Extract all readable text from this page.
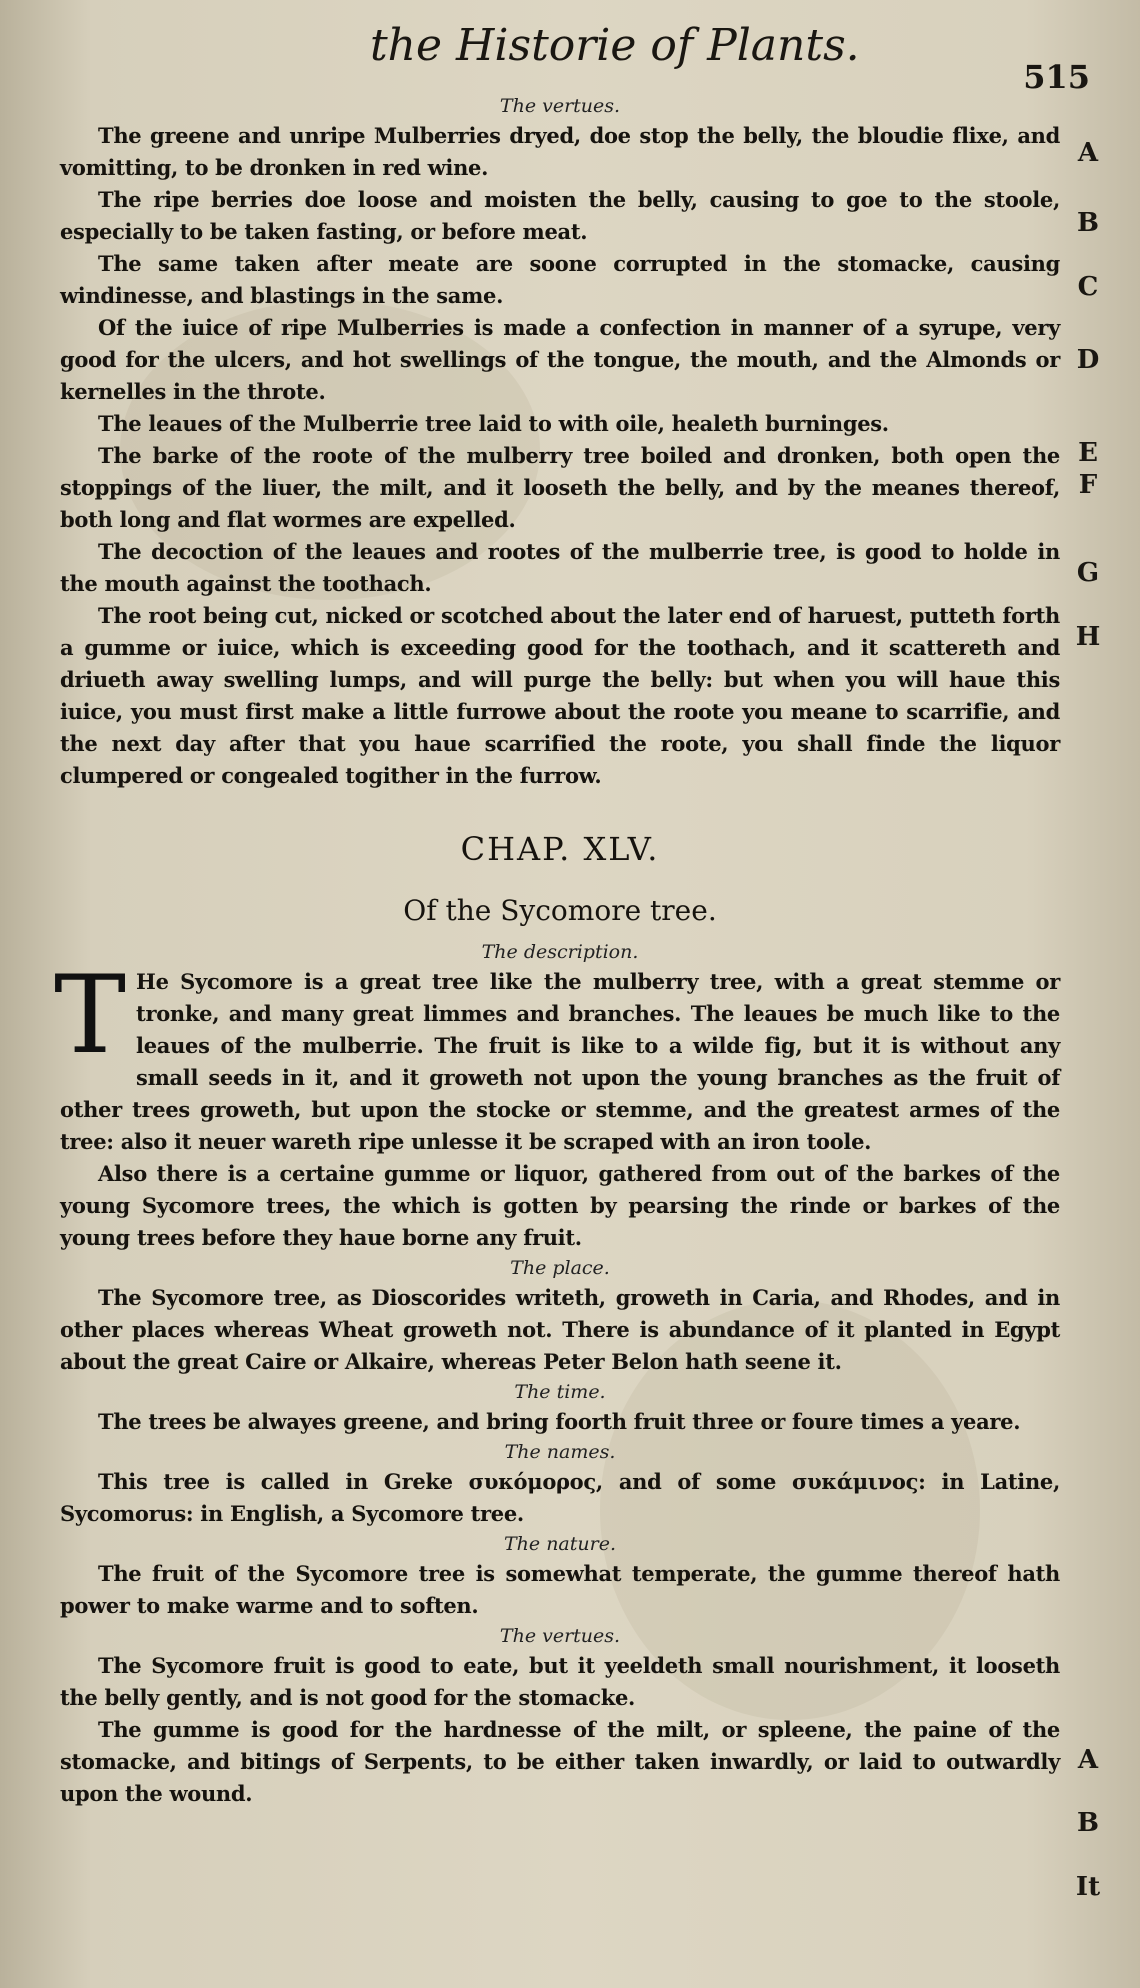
the Historie of Plants.
515

The vertues.

The greene and unripe Mulberries dryed, doe stop the belly, the bloudie flixe, and vomitting, to be dronken in red wine.

The ripe berries doe loose and moisten the belly, causing to goe to the stoole, especially to be taken fasting, or before meat.

The same taken after meate are soone corrupted in the stomacke, causing windinesse, and blastings in the same.

Of the iuice of ripe Mulberries is made a confection in manner of a syrupe, very good for the ulcers, and hot swellings of the tongue, the mouth, and the Almonds or kernelles in the throte.

The leaues of the Mulberrie tree laid to with oile, healeth burninges.

The barke of the roote of the mulberry tree boiled and dronken, both open the stoppings of the liuer, the milt, and it looseth the belly, and by the meanes thereof, both long and flat wormes are expelled.

The decoction of the leaues and rootes of the mulberrie tree, is good to holde in the mouth against the toothach.

The root being cut, nicked or scotched about the later end of haruest, putteth forth a gumme or iuice, which is exceeding good for the toothach, and it scattereth and driueth away swelling lumps, and will purge the belly: but when you will haue this iuice, you must first make a little furrowe about the roote you meane to scarrifie, and the next day after that you haue scarrified the roote, you shall finde the liquor clumpered or congealed togither in the furrow.

CHAP. XLV.
Of the Sycomore tree.

The description.

T He Sycomore is a great tree like the mulberry tree, with a great stemme or tronke, and many great limmes and branches. The leaues be much like to the leaues of the mulberrie. The fruit is like to a wilde fig, but it is without any small seeds in it, and it groweth not upon the young branches as the fruit of other trees groweth, but upon the stocke or stemme, and the greatest armes of the tree: also it neuer wareth ripe unlesse it be scraped with an iron toole.

Also there is a certaine gumme or liquor, gathered from out of the barkes of the young Sycomore trees, the which is gotten by pearsing the rinde or barkes of the young trees before they haue borne any fruit.

The place.

The Sycomore tree, as Dioscorides writeth, groweth in Caria, and Rhodes, and in other places whereas Wheat groweth not. There is abundance of it planted in Egypt about the great Caire or Alkaire, whereas Peter Belon hath seene it.

The time.

The trees be alwayes greene, and bring foorth fruit three or foure times a yeare.

The names.

This tree is called in Greke συκόμορος, and of some συκάμινος: in Latine, Sycomorus: in English, a Sycomore tree.

The nature.

The fruit of the Sycomore tree is somewhat temperate, the gumme thereof hath power to make warme and to soften.

The vertues.

The Sycomore fruit is good to eate, but it yeeldeth small nourishment, it looseth the belly gently, and is not good for the stomacke.

The gumme is good for the hardnesse of the milt, or spleene, the paine of the stomacke, and bitings of Serpents, to be either taken inwardly, or laid to outwardly upon the wound.

A
B
C
D
E
F
G
H
A
B
It
